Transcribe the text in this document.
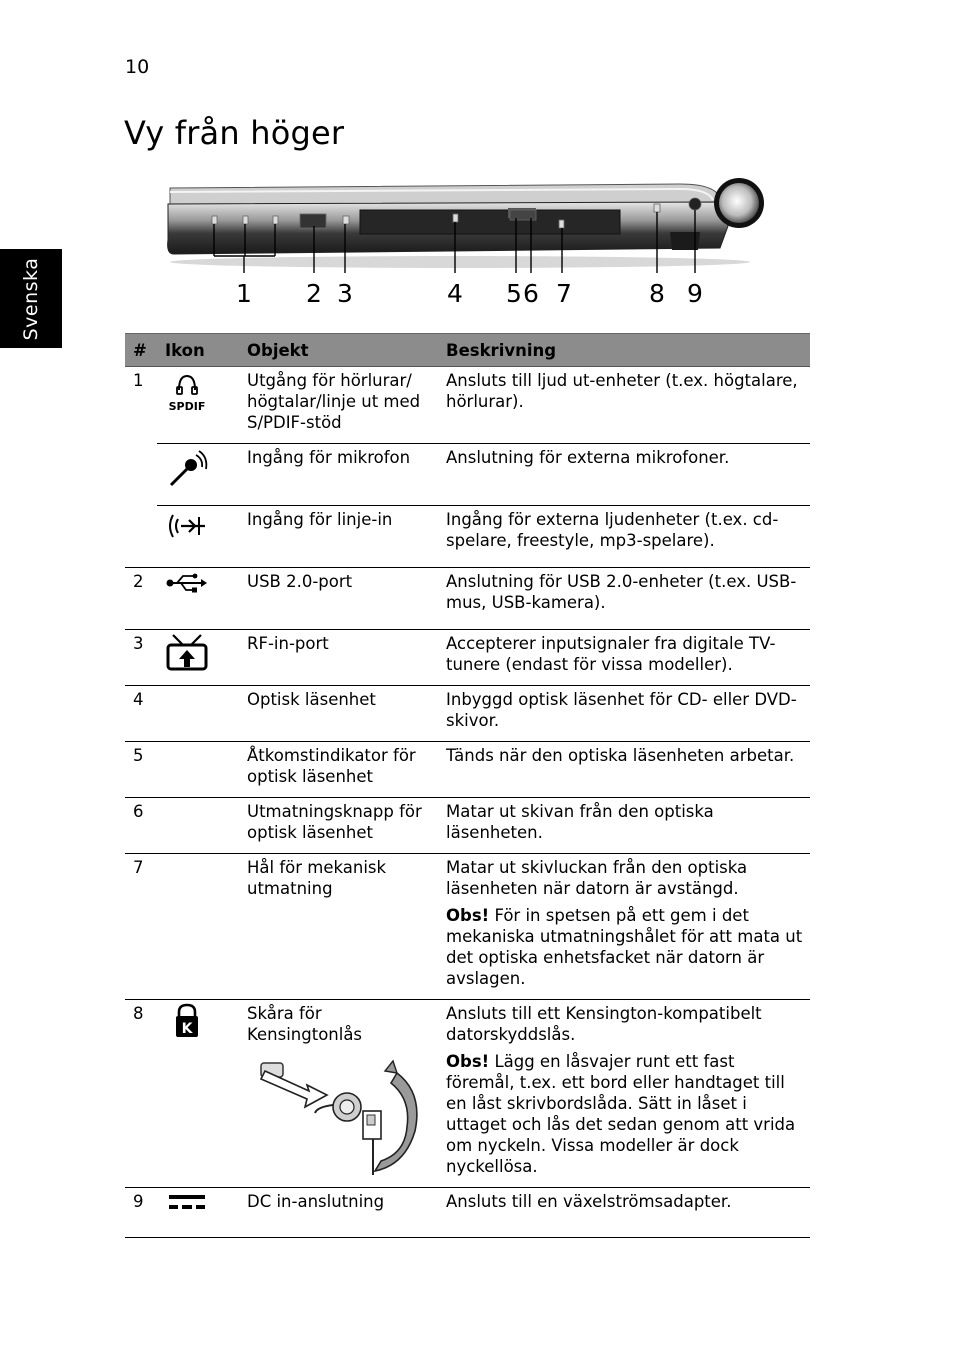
10
Vy från höger
Svenska	1 2 3	4 5 6 7	8 9
#	Ikon	Objekt	Beskrivning
1	SPDIF	Utgång för hörlurar/ högtalar/linje ut med S/PDIF-stöd	Ansluts till ljud ut-enheter (t.ex. högtalare, hörlurar).

	Ingång för mikrofon	Anslutning för externa mikrofoner.

	Ingång för linje-in	Ingång för externa ljudenheter (t.ex. cd-spelare, freestyle, mp3-spelare).
2		USB 2.0-port	Anslutning för USB 2.0-enheter (t.ex. USB-mus, USB-kamera).
3		RF-in-port	Accepterer inputsignaler fra digitale TV-tunere (endast för vissa modeller).
4		Optisk läsenhet	Inbyggd optisk läsenhet för CD- eller DVD-skivor.
5		Åtkomstindikator för optisk läsenhet	Tänds när den optiska läsenheten arbetar.
6		Utmatningsknapp för optisk läsenhet	Matar ut skivan från den optiska läsenheten.
7		Hål för mekanisk utmatning	Matar ut skivluckan från den optiska läsenheten när datorn är avstängd.

Obs! För in spetsen på ett gem i det mekaniska utmatningshålet för att mata ut det optiska enhetsfacket när datorn är avslagen.

8	K	Skåra för Kensingtonlås	Ansluts till ett Kensington-kompatibelt datorskyddslås.

Obs! Lägg en låsvajer runt ett fast föremål, t.ex. ett bord eller handtaget till en låst skrivbordslåda. Sätt in låset i uttaget och lås det sedan genom att vrida om nyckeln. Vissa modeller är dock nyckellösa.

9		DC in-anslutning	Ansluts till en växelströmsadapter.
